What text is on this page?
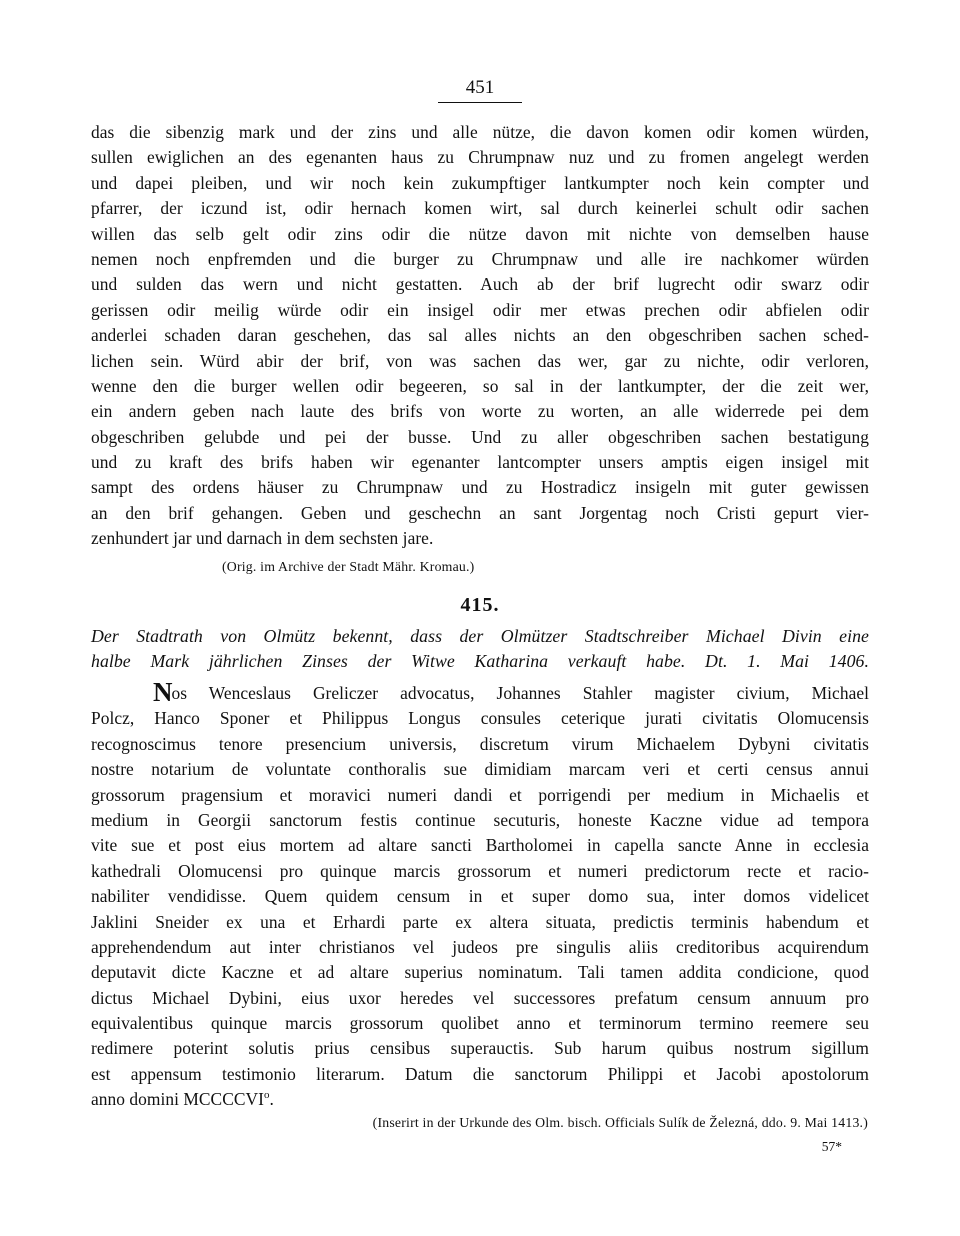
451
das die sibenzig mark und der zins und alle nütze, die davon komen odir komen würden,
sullen ewiglichen an des egenanten haus zu Chrumpnaw nuz und zu fromen angelegt werden
und dapei pleiben, und wir noch kein zukumpftiger lantkumpter noch kein compter und
pfarrer, der iczund ist, odir hernach komen wirt, sal durch keinerlei schult odir sachen
willen das selb gelt odir zins odir die nütze davon mit nichte von demselben hause
nemen noch enpfremden und die burger zu Chrumpnaw und alle ire nachkomer würden
und sulden das wern und nicht gestatten. Auch ab der brif lugrecht odir swarz odir
gerissen odir meilig würde odir ein insigel odir mer etwas prechen odir abfielen odir
anderlei schaden daran geschehen, das sal alles nichts an den obgeschriben sachen sched-
lichen sein. Würd abir der brif, von was sachen das wer, gar zu nichte, odir verloren,
wenne den die burger wellen odir begeeren, so sal in der lantkumpter, der die zeit wer,
ein andern geben nach laute des brifs von worte zu worten, an alle widerrede pei dem
obgeschriben gelubde und pei der busse. Und zu aller obgeschriben sachen bestatigung
und zu kraft des brifs haben wir egenanter lantcompter unsers amptis eigen insigel mit
sampt des ordens häuser zu Chrumpnaw und zu Hostradicz insigeln mit guter gewissen
an den brif gehangen. Geben und geschechn an sant Jorgentag noch Cristi gepurt vier-
zenhundert jar und darnach in dem sechsten jare.
(Orig. im Archive der Stadt Mähr. Kromau.)
415.
Der Stadtrath von Olmütz bekennt, dass der Olmützer Stadtschreiber Michael Divin eine
halbe Mark jährlichen Zinses der Witwe Katharina verkauft habe. Dt. 1. Mai 1406.
Nos Wenceslaus Greliczer advocatus, Johannes Stahler magister civium, Michael
Polcz, Hanco Sponer et Philippus Longus consules ceterique jurati civitatis Olomucensis
recognoscimus tenore presencium universis, discretum virum Michaelem Dybyni civitatis
nostre notarium de voluntate conthoralis sue dimidiam marcam veri et certi census annui
grossorum pragensium et moravici numeri dandi et porrigendi per medium in Michaelis et
medium in Georgii sanctorum festis continue secuturis, honeste Kaczne vidue ad tempora
vite sue et post eius mortem ad altare sancti Bartholomei in capella sancte Anne in ecclesia
kathedrali Olomucensi pro quinque marcis grossorum et numeri predictorum recte et racio-
nabiliter vendidisse. Quem quidem censum in et super domo sua, inter domos videlicet
Jaklini Sneider ex una et Erhardi parte ex altera situata, predictis terminis habendum et
apprehendendum aut inter christianos vel judeos pre singulis aliis creditoribus acquirendum
deputavit dicte Kaczne et ad altare superius nominatum. Tali tamen addita condicione, quod
dictus Michael Dybini, eius uxor heredes vel successores prefatum censum annuum pro
equivalentibus quinque marcis grossorum quolibet anno et terminorum termino reemere seu
redimere poterint solutis prius censibus superauctis. Sub harum quibus nostrum sigillum
est appensum testimonio literarum. Datum die sanctorum Philippi et Jacobi apostolorum
anno domini MCCCCVI$^o$.
(Inserirt in der Urkunde des Olm. bisch. Officials Sulík de Železná, ddo. 9. Mai 1413.)
57*
